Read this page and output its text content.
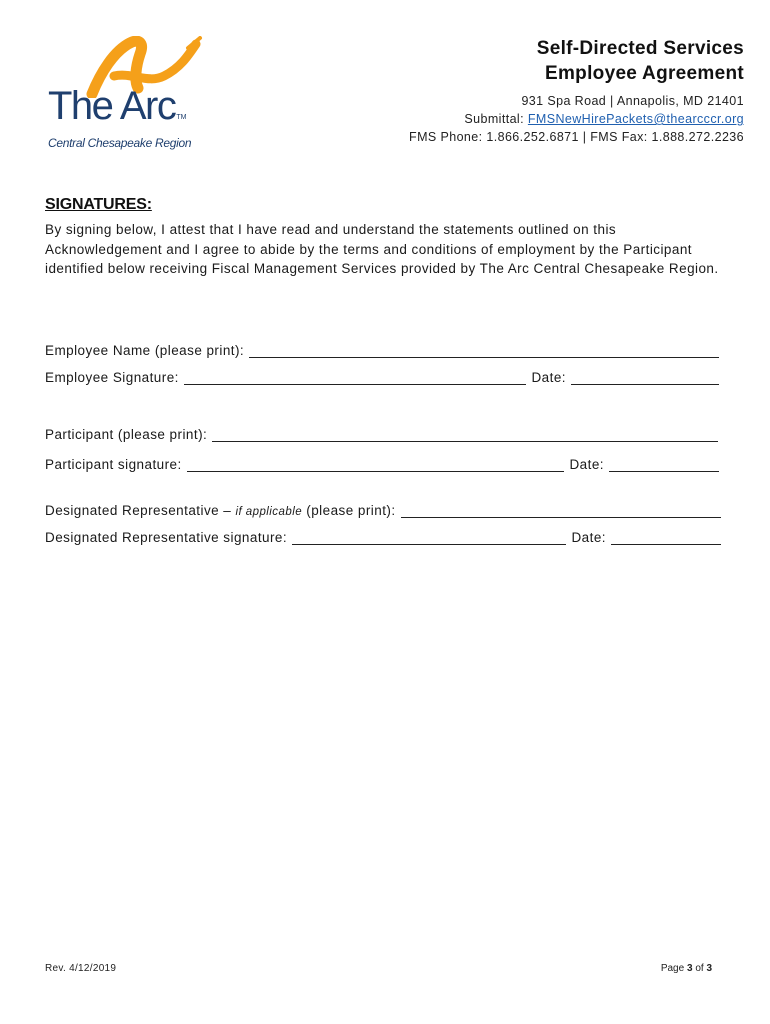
The ArcTM
Central Chesapeake Region
Self-Directed Services
Employee Agreement
931 Spa Road | Annapolis, MD 21401
Submittal: FMSNewHirePackets@thearcccr.org
FMS Phone: 1.866.252.6871 | FMS Fax: 1.888.272.2236
SIGNATURES:

By signing below, I attest that I have read and understand the statements outlined on this Acknowledgement and I agree to abide by the terms and conditions of employment by the Participant identified below receiving Fiscal Management Services provided by The Arc Central Chesapeake Region.

Employee Name (please print):
Employee Signature:	Date:
Participant (please print):
Participant signature:	Date:
Designated Representative – if applicable (please print):
Designated Representative signature:	Date:
Rev. 4/12/2019	Page 3 of 3
